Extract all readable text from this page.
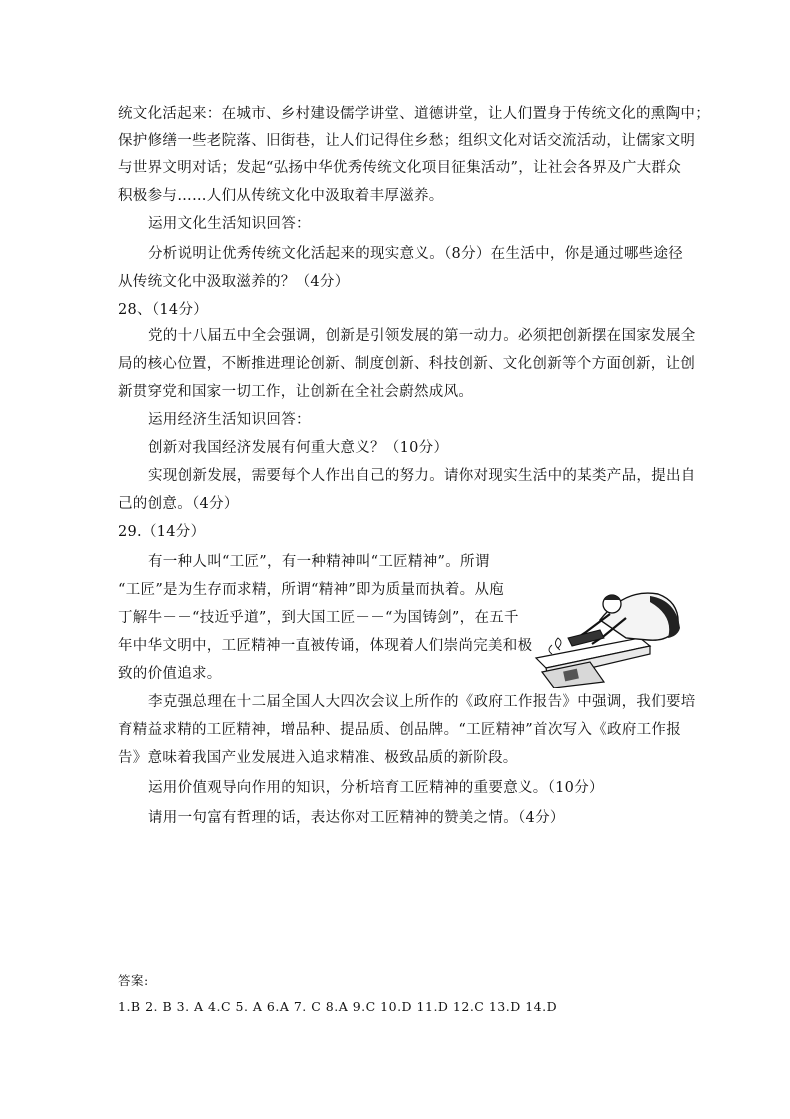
统文化活起来：在城市、乡村建设儒学讲堂、道德讲堂，让人们置身于传统文化的熏陶中；
保护修缮一些老院落、旧街巷，让人们记得住乡愁；组织文化对话交流活动，让儒家文明
与世界文明对话；发起“弘扬中华优秀传统文化项目征集活动”，让社会各界及广大群众
积极参与……人们从传统文化中汲取着丰厚滋养。
运用文化生活知识回答：
分析说明让优秀传统文化活起来的现实意义。（8分）在生活中，你是通过哪些途径
从传统文化中汲取滋养的？（4分）
28、（14分）
党的十八届五中全会强调，创新是引领发展的第一动力。必须把创新摆在国家发展全
局的核心位置，不断推进理论创新、制度创新、科技创新、文化创新等个方面创新，让创
新贯穿党和国家一切工作，让创新在全社会蔚然成风。
运用经济生活知识回答：
创新对我国经济发展有何重大意义？（10分）
实现创新发展，需要每个人作出自己的努力。请你对现实生活中的某类产品，提出自
己的创意。（4分）
29.（14分）
有一种人叫“工匠”，有一种精神叫“工匠精神”。所谓
“工匠”是为生存而求精，所谓“精神”即为质量而执着。从庖
丁解牛－－“技近乎道”，到大国工匠－－“为国铸剑”，在五千
年中华文明中，工匠精神一直被传诵，体现着人们崇尚完美和极
致的价值追求。
李克强总理在十二届全国人大四次会议上所作的《政府工作报告》中强调，我们要培
育精益求精的工匠精神，增品种、提品质、创品牌。“工匠精神”首次写入《政府工作报
告》意味着我国产业发展进入追求精准、极致品质的新阶段。
运用价值观导向作用的知识，分析培育工匠精神的重要意义。（10分）
请用一句富有哲理的话，表达你对工匠精神的赞美之情。（4分）
答案:
1.B 2. B 3. A 4.C 5. A 6.A 7. C 8.A 9.C 10.D 11.D 12.C 13.D 14.D
